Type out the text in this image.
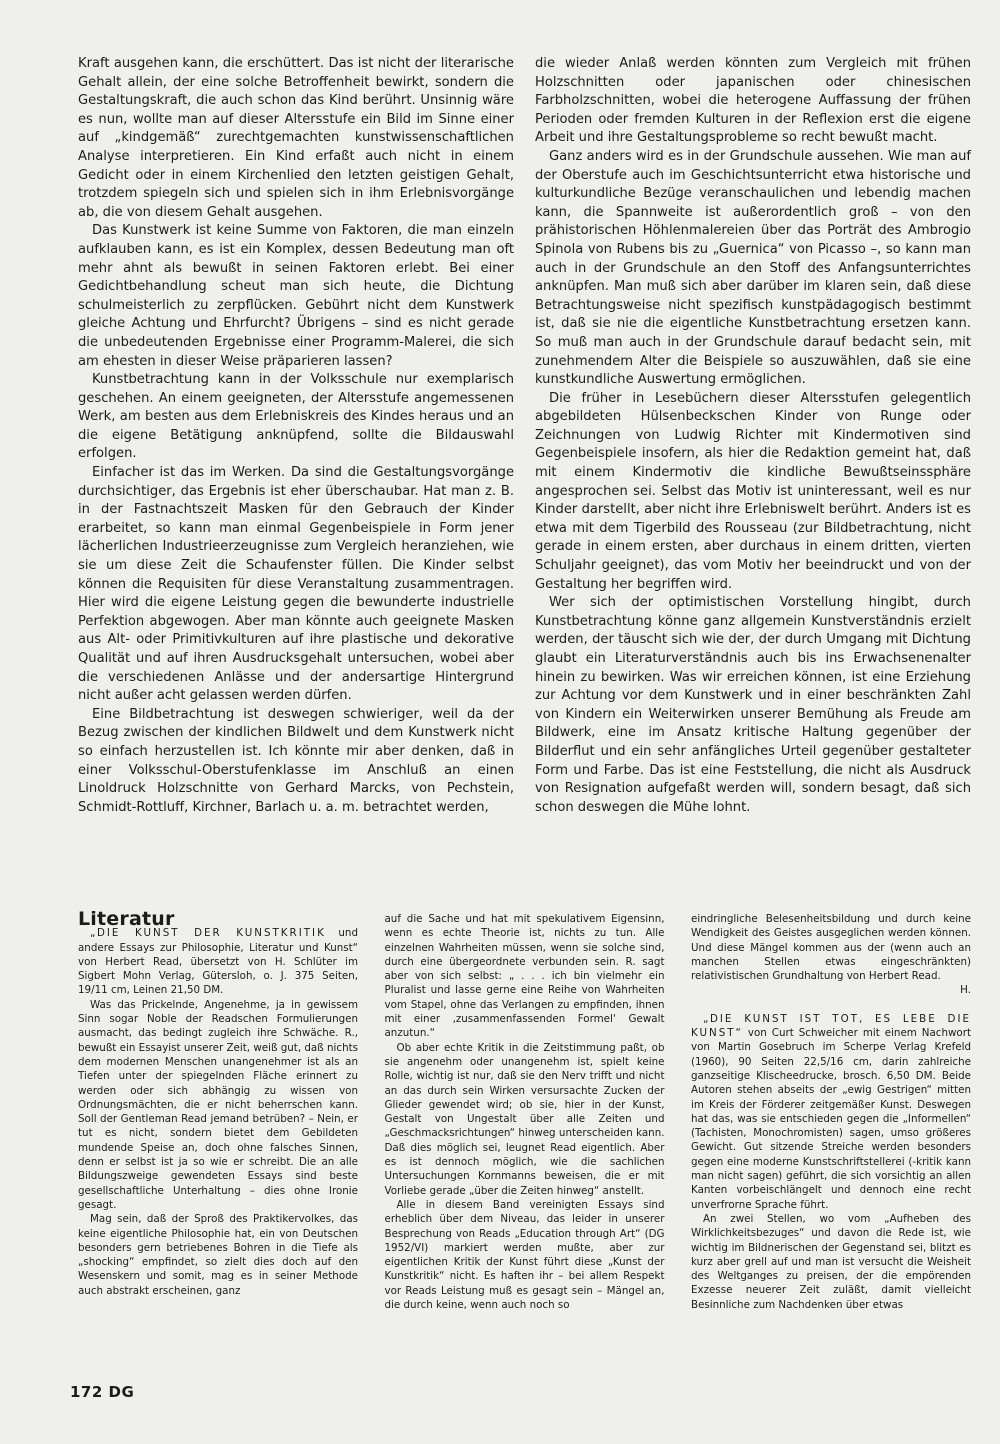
Kraft ausgehen kann, die erschüttert. Das ist nicht der literarische Gehalt allein, der eine solche Betroffenheit bewirkt, sondern die Gestaltungskraft, die auch schon das Kind berührt. Unsinnig wäre es nun, wollte man auf dieser Altersstufe ein Bild im Sinne einer auf „kindgemäß“ zurechtgemachten kunstwissenschaftlichen Analyse interpretieren. Ein Kind erfaßt auch nicht in einem Gedicht oder in einem Kirchenlied den letzten geistigen Gehalt, trotzdem spiegeln sich und spielen sich in ihm Erlebnisvorgänge ab, die von diesem Gehalt ausgehen.

Das Kunstwerk ist keine Summe von Faktoren, die man einzeln aufklauben kann, es ist ein Komplex, dessen Bedeutung man oft mehr ahnt als bewußt in seinen Faktoren erlebt. Bei einer Gedichtbehandlung scheut man sich heute, die Dichtung schulmeisterlich zu zerpflücken. Gebührt nicht dem Kunstwerk gleiche Achtung und Ehrfurcht? Übrigens – sind es nicht gerade die unbedeutenden Ergebnisse einer Programm-Malerei, die sich am ehesten in dieser Weise präparieren lassen?

Kunstbetrachtung kann in der Volksschule nur exemplarisch geschehen. An einem geeigneten, der Altersstufe angemessenen Werk, am besten aus dem Erlebniskreis des Kindes heraus und an die eigene Betätigung anknüpfend, sollte die Bildauswahl erfolgen.

Einfacher ist das im Werken. Da sind die Gestaltungsvorgänge durchsichtiger, das Ergebnis ist eher überschaubar. Hat man z. B. in der Fastnachtszeit Masken für den Gebrauch der Kinder erarbeitet, so kann man einmal Gegenbeispiele in Form jener lächerlichen Industrieerzeugnisse zum Vergleich heranziehen, wie sie um diese Zeit die Schaufenster füllen. Die Kinder selbst können die Requisiten für diese Veranstaltung zusammentragen. Hier wird die eigene Leistung gegen die bewunderte industrielle Perfektion abgewogen. Aber man könnte auch geeignete Masken aus Alt- oder Primitivkulturen auf ihre plastische und dekorative Qualität und auf ihren Ausdrucksgehalt untersuchen, wobei aber die verschiedenen Anlässe und der andersartige Hintergrund nicht außer acht gelassen werden dürfen.

Eine Bildbetrachtung ist deswegen schwieriger, weil da der Bezug zwischen der kindlichen Bildwelt und dem Kunstwerk nicht so einfach herzustellen ist. Ich könnte mir aber denken, daß in einer Volksschul-Oberstufenklasse im Anschluß an einen Linoldruck Holzschnitte von Gerhard Marcks, von Pechstein, Schmidt-Rottluff, Kirchner, Barlach u. a. m. betrachtet werden,

die wieder Anlaß werden könnten zum Vergleich mit frühen Holzschnitten oder japanischen oder chinesischen Farbholzschnitten, wobei die heterogene Auffassung der frühen Perioden oder fremden Kulturen in der Reflexion erst die eigene Arbeit und ihre Gestaltungsprobleme so recht bewußt macht.

Ganz anders wird es in der Grundschule aussehen. Wie man auf der Oberstufe auch im Geschichtsunterricht etwa historische und kulturkundliche Bezüge veranschaulichen und lebendig machen kann, die Spannweite ist außerordentlich groß – von den prähistorischen Höhlenmalereien über das Porträt des Ambrogio Spinola von Rubens bis zu „Guernica“ von Picasso –, so kann man auch in der Grundschule an den Stoff des Anfangsunterrichtes anknüpfen. Man muß sich aber darüber im klaren sein, daß diese Betrachtungsweise nicht spezifisch kunstpädagogisch bestimmt ist, daß sie nie die eigentliche Kunstbetrachtung ersetzen kann. So muß man auch in der Grundschule darauf bedacht sein, mit zunehmendem Alter die Beispiele so auszuwählen, daß sie eine kunstkundliche Auswertung ermöglichen.

Die früher in Lesebüchern dieser Altersstufen gelegentlich abgebildeten Hülsenbeckschen Kinder von Runge oder Zeichnungen von Ludwig Richter mit Kindermotiven sind Gegenbeispiele insofern, als hier die Redaktion gemeint hat, daß mit einem Kindermotiv die kindliche Bewußtseinssphäre angesprochen sei. Selbst das Motiv ist uninteressant, weil es nur Kinder darstellt, aber nicht ihre Erlebniswelt berührt. Anders ist es etwa mit dem Tigerbild des Rousseau (zur Bildbetrachtung, nicht gerade in einem ersten, aber durchaus in einem dritten, vierten Schuljahr geeignet), das vom Motiv her beeindruckt und von der Gestaltung her begriffen wird.

Wer sich der optimistischen Vorstellung hingibt, durch Kunstbetrachtung könne ganz allgemein Kunstverständnis erzielt werden, der täuscht sich wie der, der durch Umgang mit Dichtung glaubt ein Literaturverständnis auch bis ins Erwachsenenalter hinein zu bewirken. Was wir erreichen können, ist eine Erziehung zur Achtung vor dem Kunstwerk und in einer beschränkten Zahl von Kindern ein Weiterwirken unserer Bemühung als Freude am Bildwerk, eine im Ansatz kritische Haltung gegenüber der Bilderflut und ein sehr anfängliches Urteil gegenüber gestalteter Form und Farbe. Das ist eine Feststellung, die nicht als Ausdruck von Resignation aufgefaßt werden will, sondern besagt, daß sich schon deswegen die Mühe lohnt.

Literatur

„DIE KUNST DER KUNSTKRITIK und andere Essays zur Philosophie, Literatur und Kunst“ von Herbert Read, übersetzt von H. Schlüter im Sigbert Mohn Verlag, Gütersloh, o. J. 375 Seiten, 19/11 cm, Leinen 21,50 DM.

Was das Prickelnde, Angenehme, ja in gewissem Sinn sogar Noble der Readschen Formulierungen ausmacht, das bedingt zugleich ihre Schwäche. R., bewußt ein Essayist unserer Zeit, weiß gut, daß nichts dem modernen Menschen unangenehmer ist als an Tiefen unter der spiegelnden Fläche erinnert zu werden oder sich abhängig zu wissen von Ordnungsmächten, die er nicht beherrschen kann. Soll der Gentleman Read jemand betrüben? – Nein, er tut es nicht, sondern bietet dem Gebildeten mundende Speise an, doch ohne falsches Sinnen, denn er selbst ist ja so wie er schreibt. Die an alle Bildungszweige gewendeten Essays sind beste gesellschaftliche Unterhaltung – dies ohne Ironie gesagt.

Mag sein, daß der Sproß des Praktikervolkes, das keine eigentliche Philosophie hat, ein von Deutschen besonders gern betriebenes Bohren in die Tiefe als „shocking“ empfindet, so zielt dies doch auf den Wesenskern und somit, mag es in seiner Methode auch abstrakt erscheinen, ganz

auf die Sache und hat mit spekulativem Eigensinn, wenn es echte Theorie ist, nichts zu tun. Alle einzelnen Wahrheiten müssen, wenn sie solche sind, durch eine übergeordnete verbunden sein. R. sagt aber von sich selbst: „ . . . ich bin vielmehr ein Pluralist und lasse gerne eine Reihe von Wahrheiten vom Stapel, ohne das Verlangen zu empfinden, ihnen mit einer ‚zusammenfassenden Formel‘ Gewalt anzutun.“

Ob aber echte Kritik in die Zeitstimmung paßt, ob sie angenehm oder unangenehm ist, spielt keine Rolle, wichtig ist nur, daß sie den Nerv trifft und nicht an das durch sein Wirken versursachte Zucken der Glieder gewendet wird; ob sie, hier in der Kunst, Gestalt von Ungestalt über alle Zeiten und „Geschmacksrichtungen“ hinweg unterscheiden kann. Daß dies möglich sei, leugnet Read eigentlich. Aber es ist dennoch möglich, wie die sachlichen Untersuchungen Kornmanns beweisen, die er mit Vorliebe gerade „über die Zeiten hinweg“ anstellt.

Alle in diesem Band vereinigten Essays sind erheblich über dem Niveau, das leider in unserer Besprechung von Reads „Education through Art“ (DG 1952/VI) markiert werden mußte, aber zur eigentlichen Kritik der Kunst führt diese „Kunst der Kunstkritik“ nicht. Es haften ihr – bei allem Respekt vor Reads Leistung muß es gesagt sein – Mängel an, die durch keine, wenn auch noch so

eindringliche Belesenheitsbildung und durch keine Wendigkeit des Geistes ausgeglichen werden können. Und diese Mängel kommen aus der (wenn auch an manchen Stellen etwas eingeschränkten) relativistischen Grundhaltung von Herbert Read.

H.

„DIE KUNST IST TOT, ES LEBE DIE KUNST“ von Curt Schweicher mit einem Nachwort von Martin Gosebruch im Scherpe Verlag Krefeld (1960), 90 Seiten 22,5/16 cm, darin zahlreiche ganzseitige Klischeedrucke, brosch. 6,50 DM. Beide Autoren stehen abseits der „ewig Gestrigen“ mitten im Kreis der Förderer zeitgemäßer Kunst. Deswegen hat das, was sie entschieden gegen die „Informellen“ (Tachisten, Monochromisten) sagen, umso größeres Gewicht. Gut sitzende Streiche werden besonders gegen eine moderne Kunstschriftstellerei (-kritik kann man nicht sagen) geführt, die sich vorsichtig an allen Kanten vorbeischlängelt und dennoch eine recht unverfrorne Sprache führt.

An zwei Stellen, wo vom „Aufheben des Wirklichkeitsbezuges“ und davon die Rede ist, wie wichtig im Bildnerischen der Gegenstand sei, blitzt es kurz aber grell auf und man ist versucht die Weisheit des Weltganges zu preisen, der die empörenden Exzesse neuerer Zeit zuläßt, damit vielleicht Besinnliche zum Nachdenken über etwas

172 DG
